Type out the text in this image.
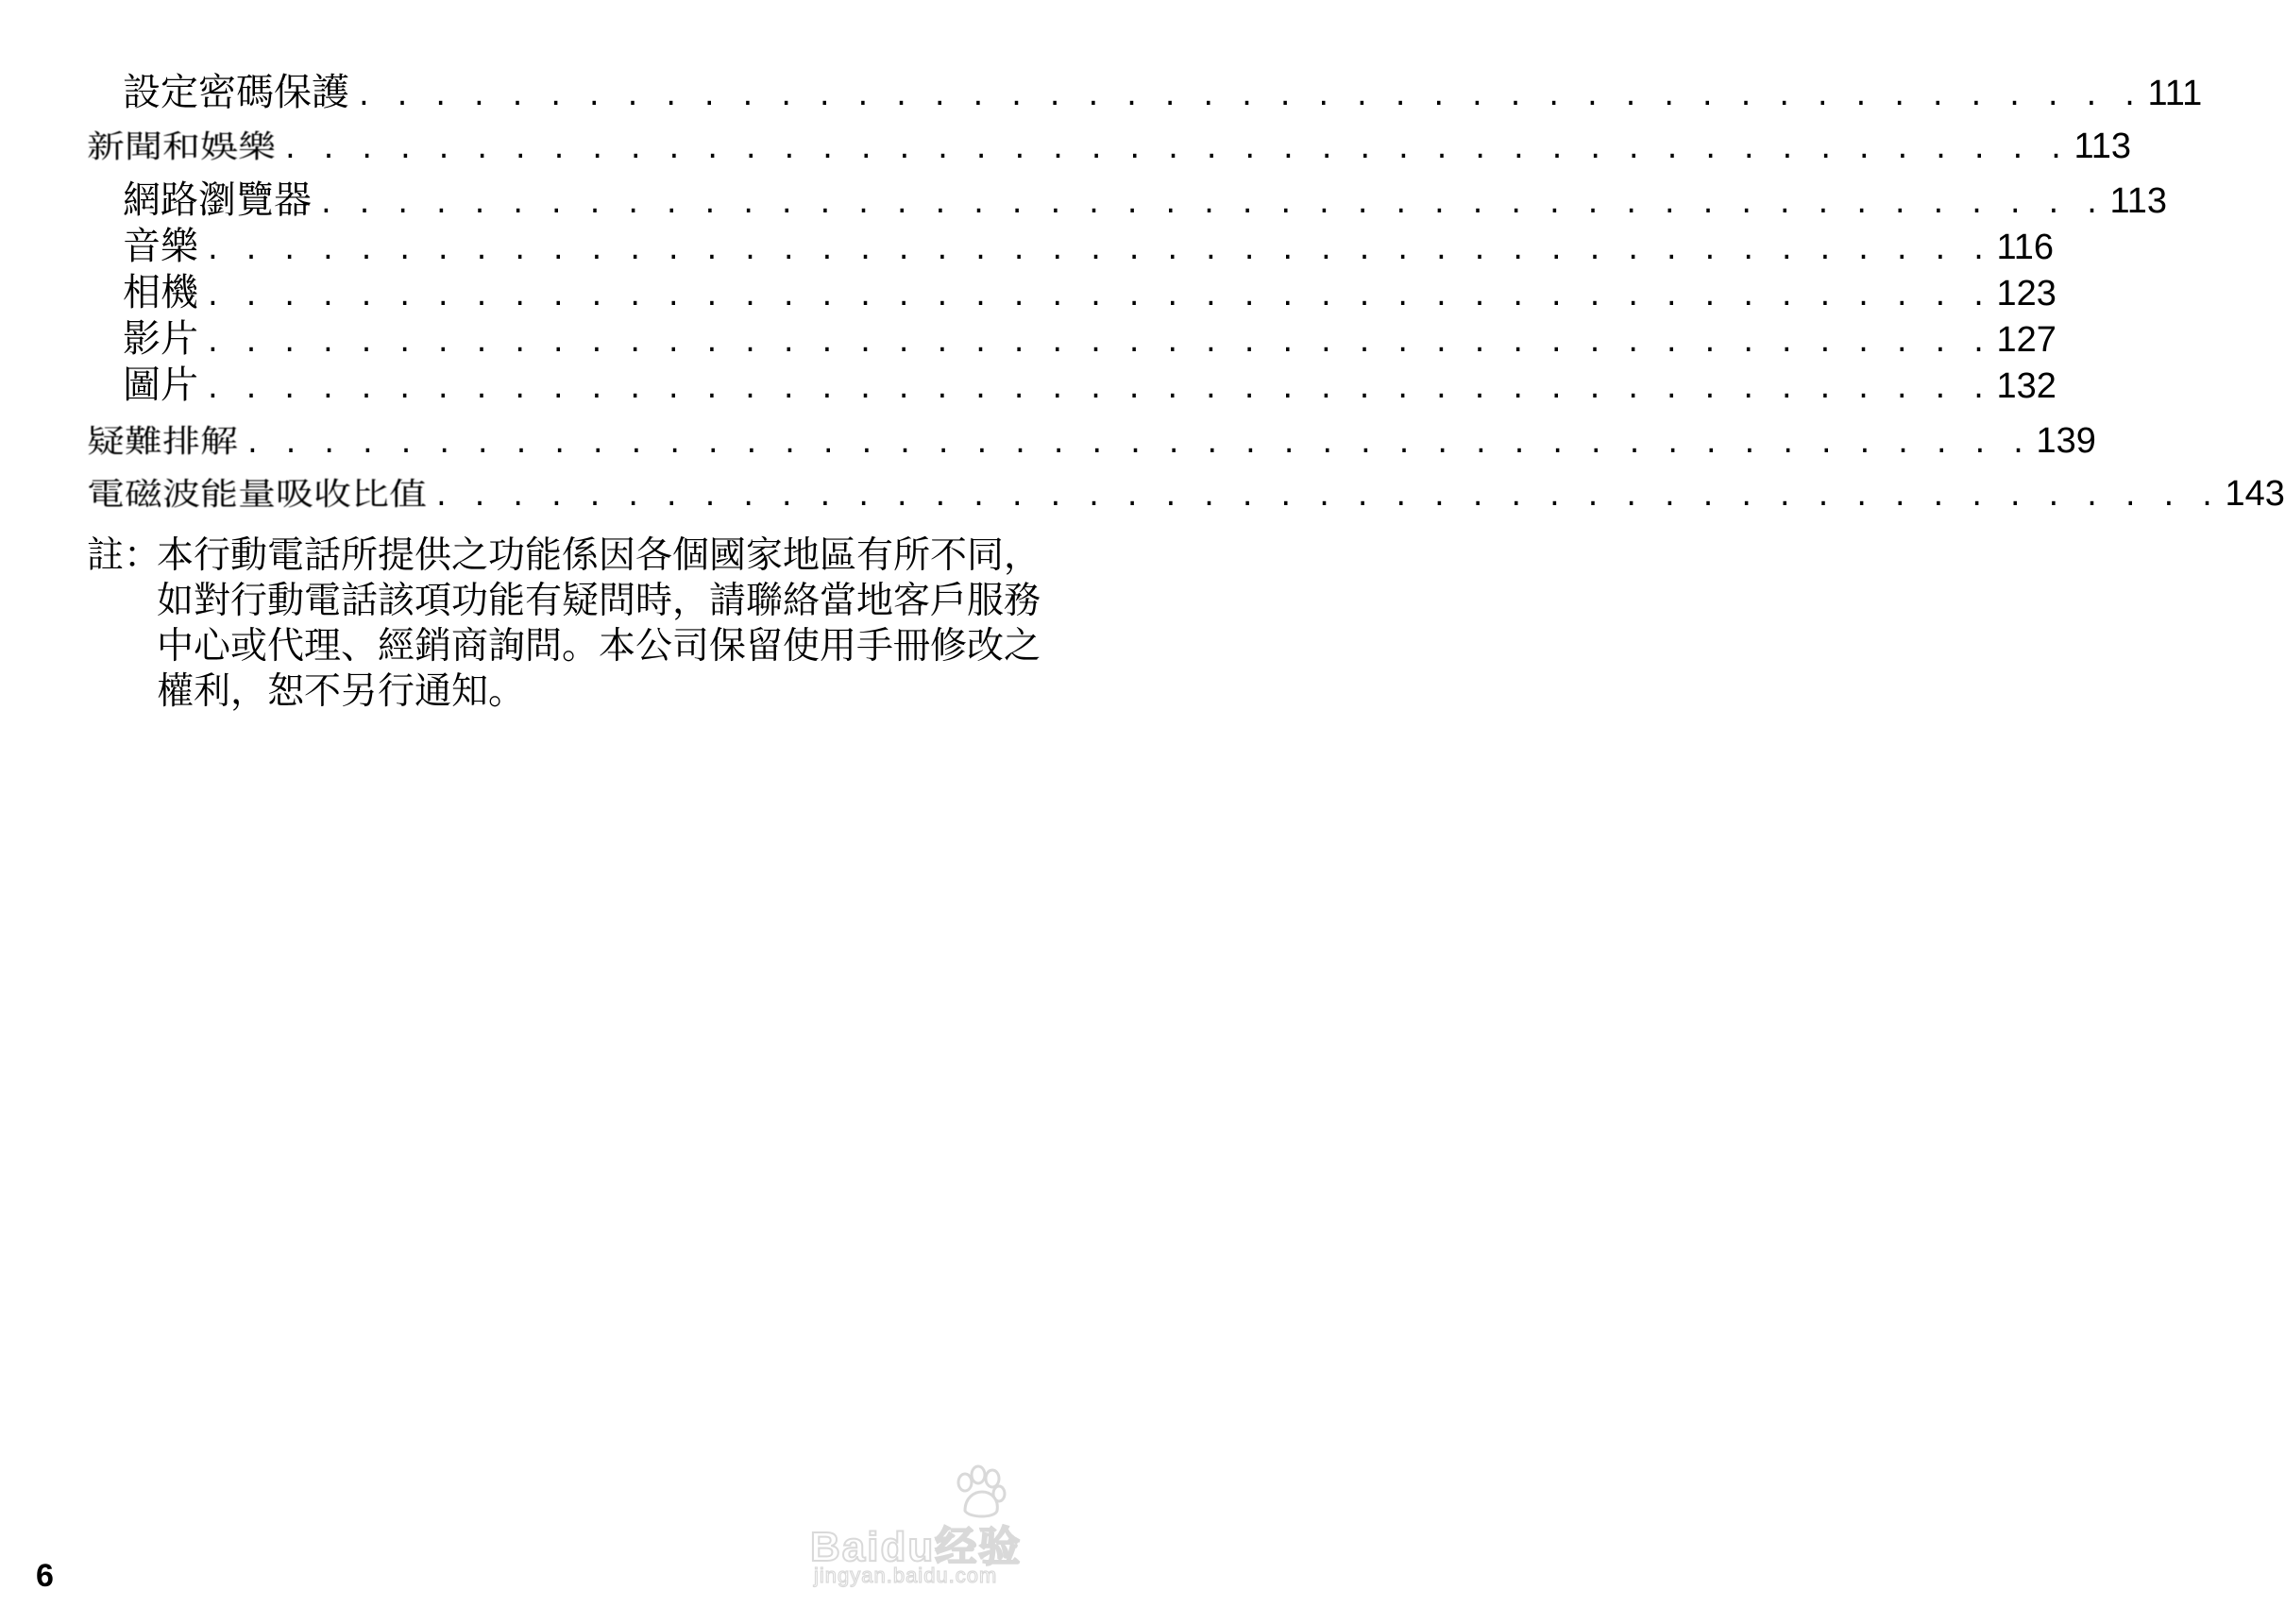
設定密碼保護 . . . . . . . . . . . . . . . . . . . . . . . . . . . . . . . . . . . . . . . . . . . . . . . 111
新聞和娛樂 . . . . . . . . . . . . . . . . . . . . . . . . . . . . . . . . . . . . . . . . . . . . . . . 113
網路瀏覽器 . . . . . . . . . . . . . . . . . . . . . . . . . . . . . . . . . . . . . . . . . . . . . . . 113
音樂 . . . . . . . . . . . . . . . . . . . . . . . . . . . . . . . . . . . . . . . . . . . . . . . 116
相機 . . . . . . . . . . . . . . . . . . . . . . . . . . . . . . . . . . . . . . . . . . . . . . . 123
影片 . . . . . . . . . . . . . . . . . . . . . . . . . . . . . . . . . . . . . . . . . . . . . . . 127
圖片 . . . . . . . . . . . . . . . . . . . . . . . . . . . . . . . . . . . . . . . . . . . . . . . 132
疑難排解 . . . . . . . . . . . . . . . . . . . . . . . . . . . . . . . . . . . . . . . . . . . . . . . 139
電磁波能量吸收比值 . . . . . . . . . . . . . . . . . . . . . . . . . . . . . . . . . . . . . . . . . . . . . . . 143
註：
本行動電話所提供之功能係因各個國家地區有所不同，
如對行動電話該項功能有疑問時，請聯絡當地客戶服務
中心或代理、經銷商詢問。本公司保留使用手冊修改之
權利，恕不另行通知。
6
Baidu经验
jingyan.baidu.com
